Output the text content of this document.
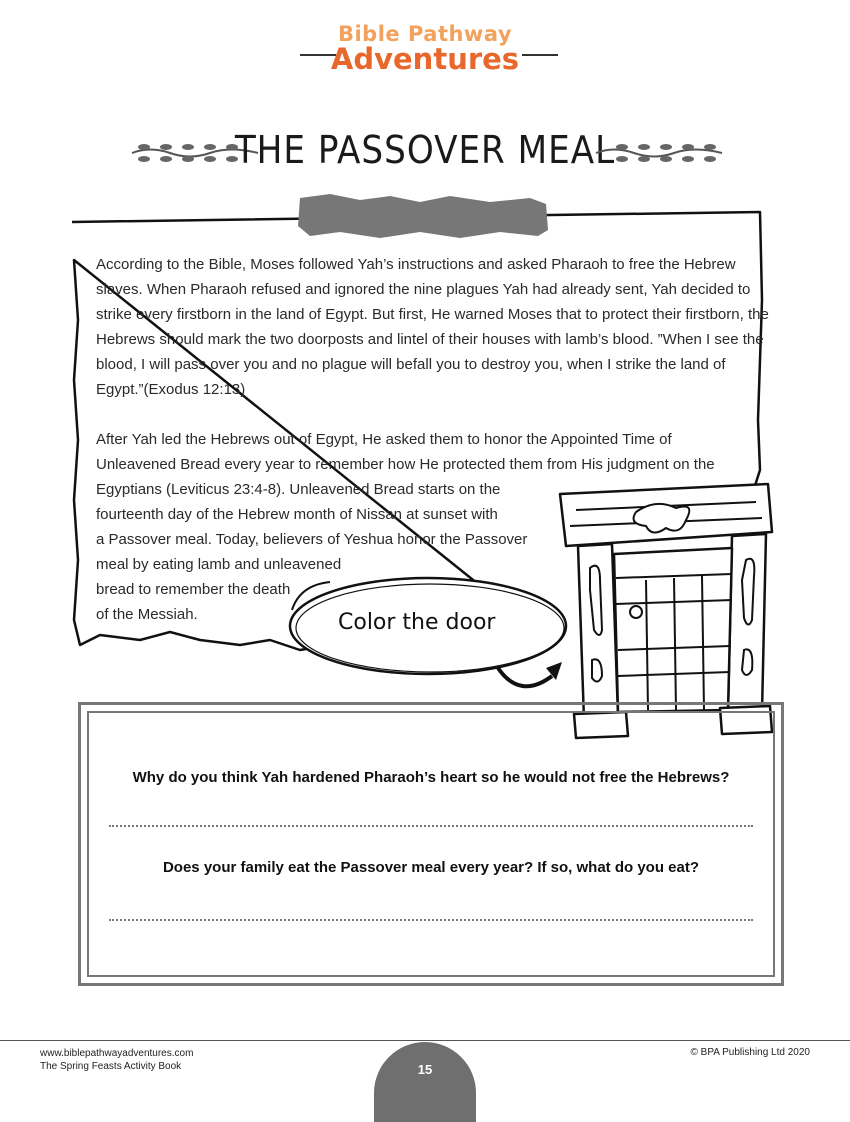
Bible Pathway
Adventures
THE PASSOVER MEAL
According to the Bible, Moses followed Yah’s instructions and asked Pharaoh to free the Hebrew slaves. When Pharaoh refused and ignored the nine plagues Yah had already sent, Yah decided to strike every firstborn in the land of Egypt. But first, He warned Moses that to protect their firstborn, the Hebrews should mark the two doorposts and lintel of their houses with lamb’s blood. ”When I see the blood, I will pass over you and no plague will befall you to destroy you, when I strike the land of Egypt.”(Exodus 12:13)
After Yah led the Hebrews out of Egypt, He asked them to honor the Appointed Time of
Unleavened Bread every year to remember how He protected them from His judgment on the
Egyptians (Leviticus 23:4-8). Unleavened Bread starts on the
fourteenth day of the Hebrew month of Nissan at sunset with
a Passover meal. Today, believers of Yeshua honor the Passover
meal by eating lamb and unleavened
bread to remember the death
of the Messiah.	Color the door
Why do you think Yah hardened Pharaoh’s heart so he would not free the Hebrews?
Does your family eat the Passover meal every year? If so, what do you eat?
www.biblepathwayadventures.com
The Spring Feasts Activity Book
© BPA Publishing Ltd 2020
15
